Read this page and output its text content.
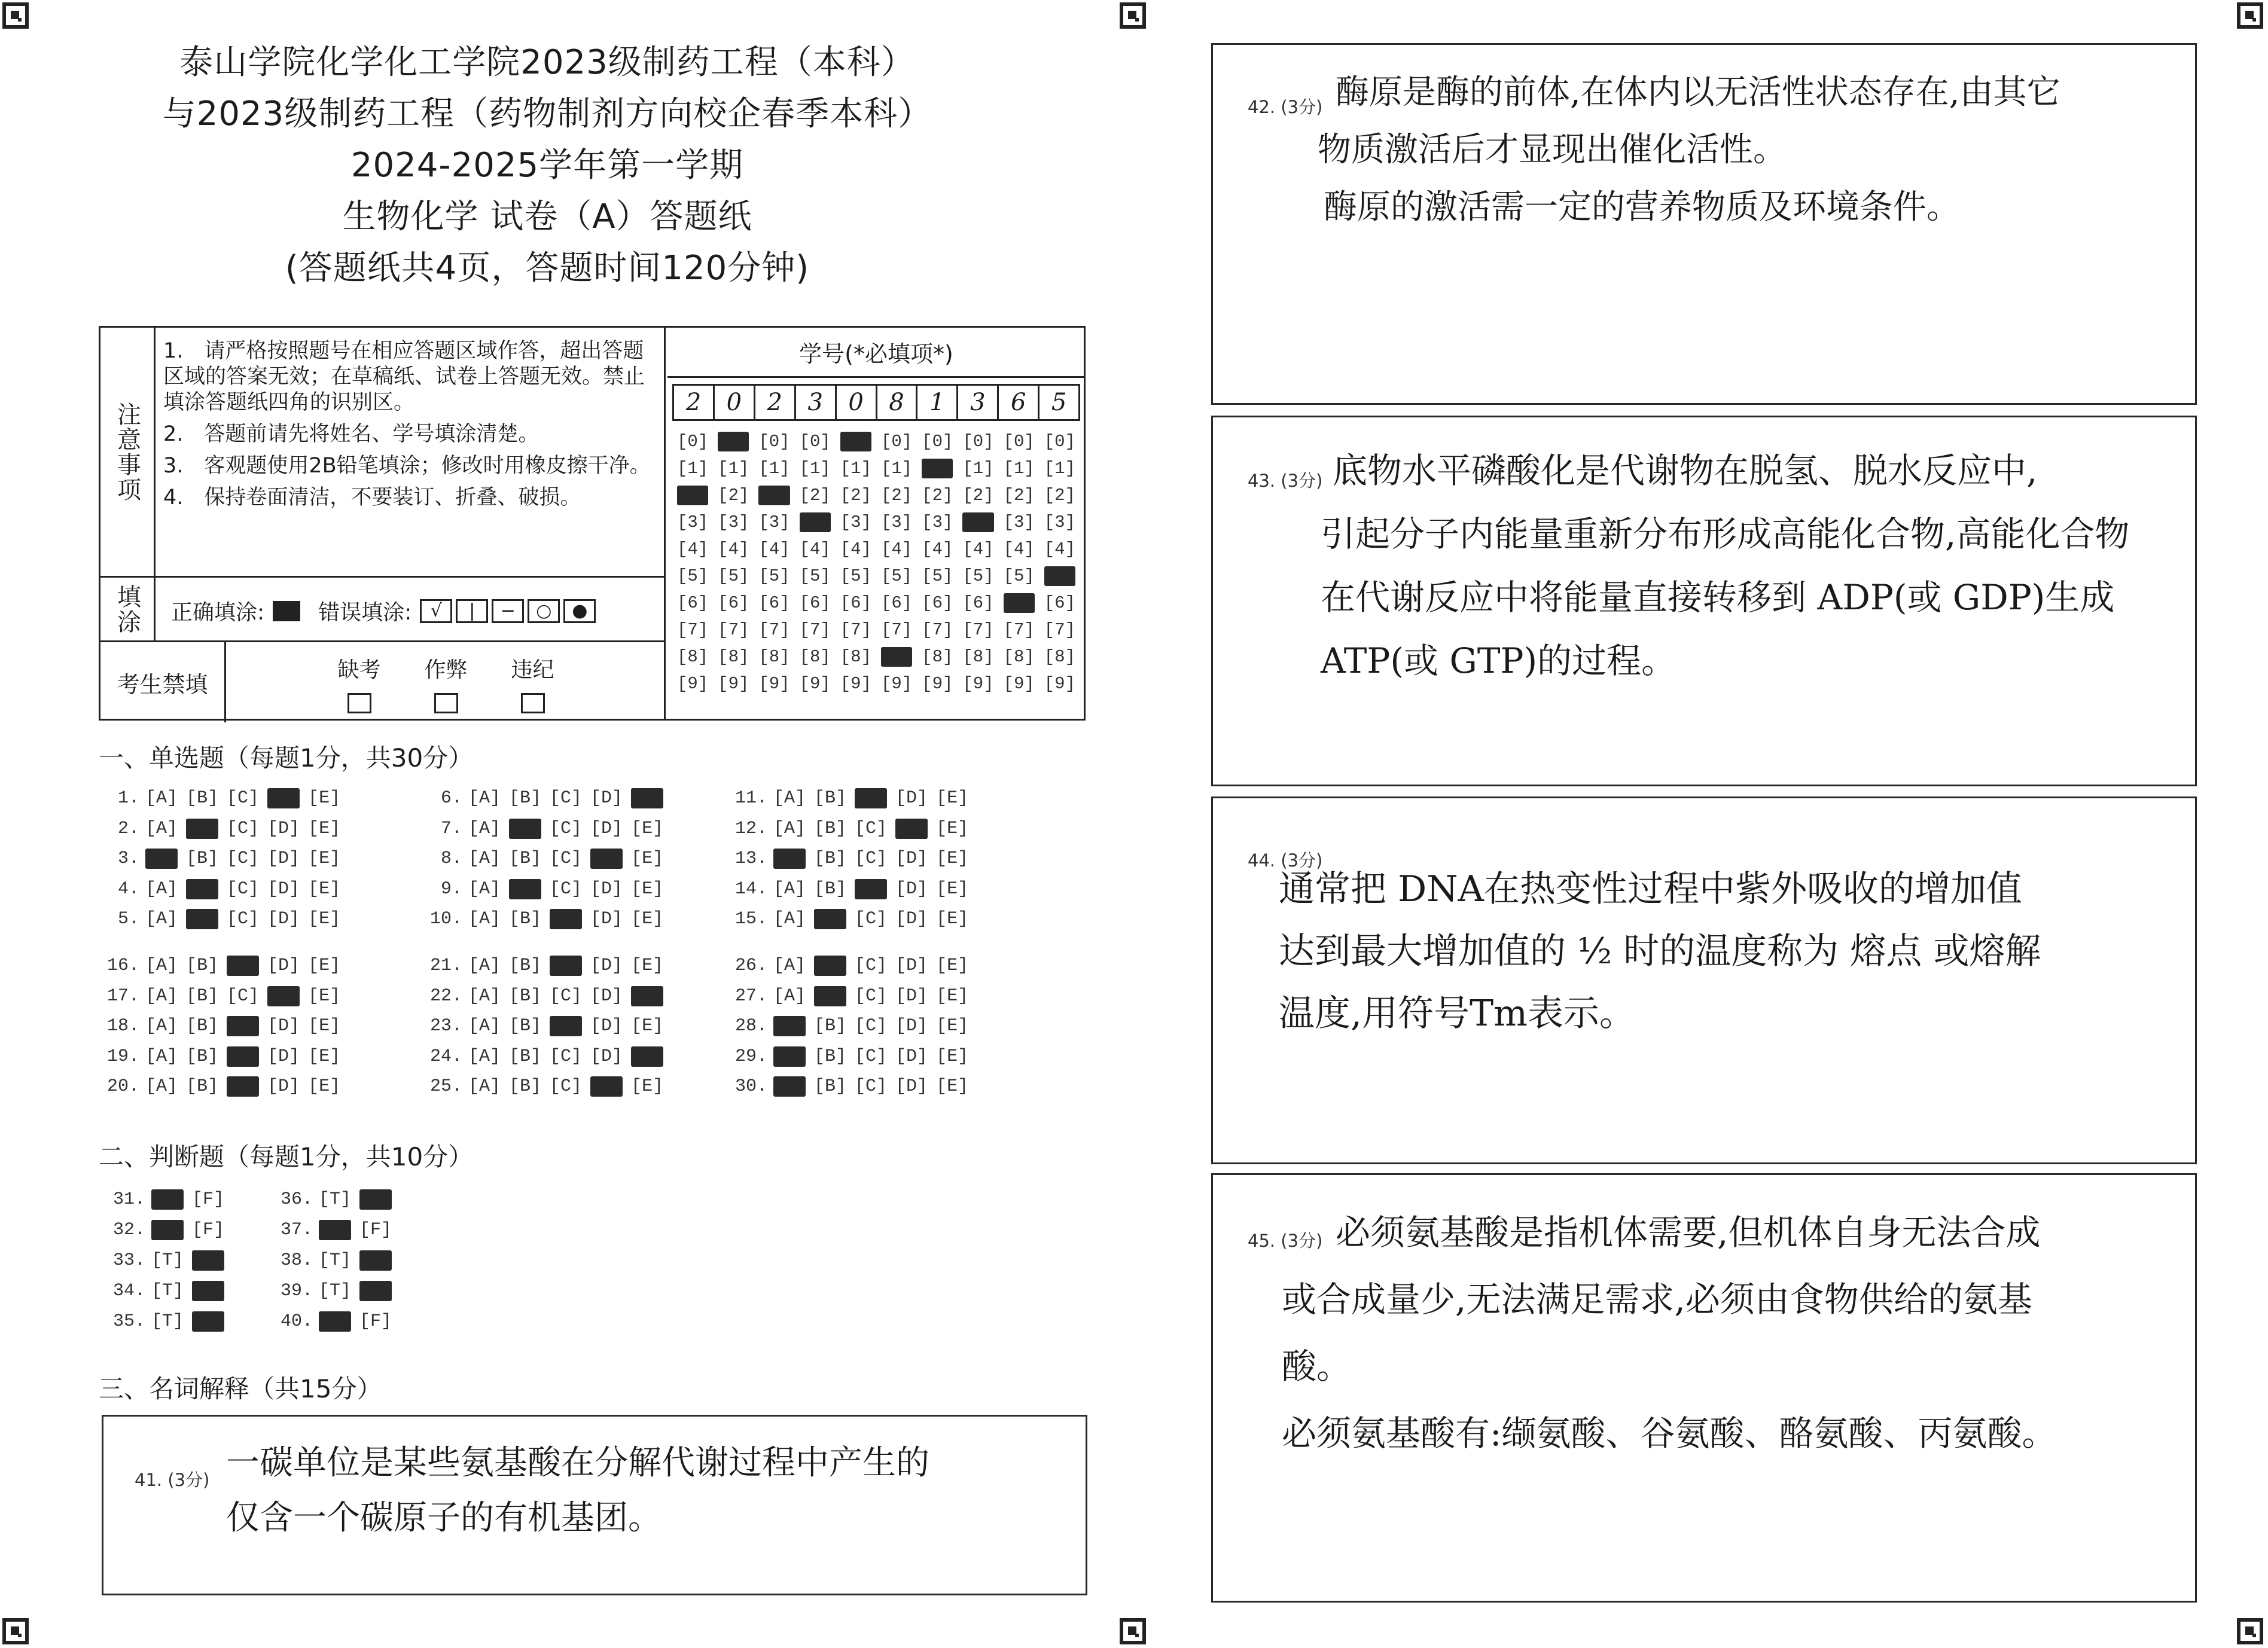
泰山学院化学化工学院2023级制药工程（本科）
与2023级制药工程（药物制剂方向校企春季本科）
2024-2025学年第一学期
生物化学 试卷（A）答题纸
(答题纸共4页，答题时间120分钟)
注意事项

1.　请严格按照题号在相应答题区域作答，超出答题区域的答案无效；在草稿纸、试卷上答题无效。禁止填涂答题纸四角的识别区。

2.　答题前请先将姓名、学号填涂清楚。

3.　客观题使用2B铅笔填涂；修改时用橡皮擦干净。

4.　保持卷面清洁，不要装订、折叠、破损。

填涂	正确填涂:	错误填涂:	√	|	−	○	●
考生禁填
缺考	作弊	违纪
学号(*必填项*)
2	0	2	3	0	8	1	3	6	5
[0] [0] [0] [0] [0] [0] [0] [0] [0] [0]
[1] [1] [1] [1] [1] [1] [1] [1] [1] [1]
[2] [2] [2] [2] [2] [2] [2] [2] [2] [2]
[3] [3] [3] [3] [3] [3] [3] [3] [3] [3]
[4] [4] [4] [4] [4] [4] [4] [4] [4] [4]
[5] [5] [5] [5] [5] [5] [5] [5] [5] [5]
[6] [6] [6] [6] [6] [6] [6] [6] [6] [6]
[7] [7] [7] [7] [7] [7] [7] [7] [7] [7]
[8] [8] [8] [8] [8] [8] [8] [8] [8] [8]
[9] [9] [9] [9] [9] [9] [9] [9] [9] [9]
一、单选题（每题1分，共30分）
1. [A] [B] [C] [D] [E]
2. [A] [B] [C] [D] [E]
3. [A] [B] [C] [D] [E]
4. [A] [B] [C] [D] [E]
5. [A] [B] [C] [D] [E]
6. [A] [B] [C] [D] [E]
7. [A] [B] [C] [D] [E]
8. [A] [B] [C] [D] [E]
9. [A] [B] [C] [D] [E]
10. [A] [B] [C] [D] [E]
11. [A] [B] [C] [D] [E]
12. [A] [B] [C] [D] [E]
13. [A] [B] [C] [D] [E]
14. [A] [B] [C] [D] [E]
15. [A] [B] [C] [D] [E]
16. [A] [B] [C] [D] [E]
17. [A] [B] [C] [D] [E]
18. [A] [B] [C] [D] [E]
19. [A] [B] [C] [D] [E]
20. [A] [B] [C] [D] [E]
21. [A] [B] [C] [D] [E]
22. [A] [B] [C] [D] [E]
23. [A] [B] [C] [D] [E]
24. [A] [B] [C] [D] [E]
25. [A] [B] [C] [D] [E]
26. [A] [B] [C] [D] [E]
27. [A] [B] [C] [D] [E]
28. [A] [B] [C] [D] [E]
29. [A] [B] [C] [D] [E]
30. [A] [B] [C] [D] [E]
二、判断题（每题1分，共10分）
31. [T] [F]
32. [T] [F]
33. [T] [F]
34. [T] [F]
35. [T] [F]
36. [T] [F]
37. [T] [F]
38. [T] [F]
39. [T] [F]
40. [T] [F]
三、名词解释（共15分）
41. (3分) 一碳单位是某些氨基酸在分解代谢过程中产生的
仅含一个碳原子的有机基团。
42. (3分) 酶原是酶的前体,在体内以无活性状态存在,由其它
物质激活后才显现出催化活性。
酶原的激活需一定的营养物质及环境条件。
43. (3分) 底物水平磷酸化是代谢物在脱氢、脱水反应中,
引起分子内能量重新分布形成高能化合物,高能化合物
在代谢反应中将能量直接转移到 ADP(或 GDP)生成
ATP(或 GTP)的过程。
44. (3分)
通常把 DNA在热变性过程中紫外吸收的增加值
达到最大增加值的 ½ 时的温度称为 熔点 或熔解
温度,用符号Tm表示。
45. (3分) 必须氨基酸是指机体需要,但机体自身无法合成
或合成量少,无法满足需求,必须由食物供给的氨基
酸。
必须氨基酸有:缬氨酸、谷氨酸、酪氨酸、丙氨酸。
